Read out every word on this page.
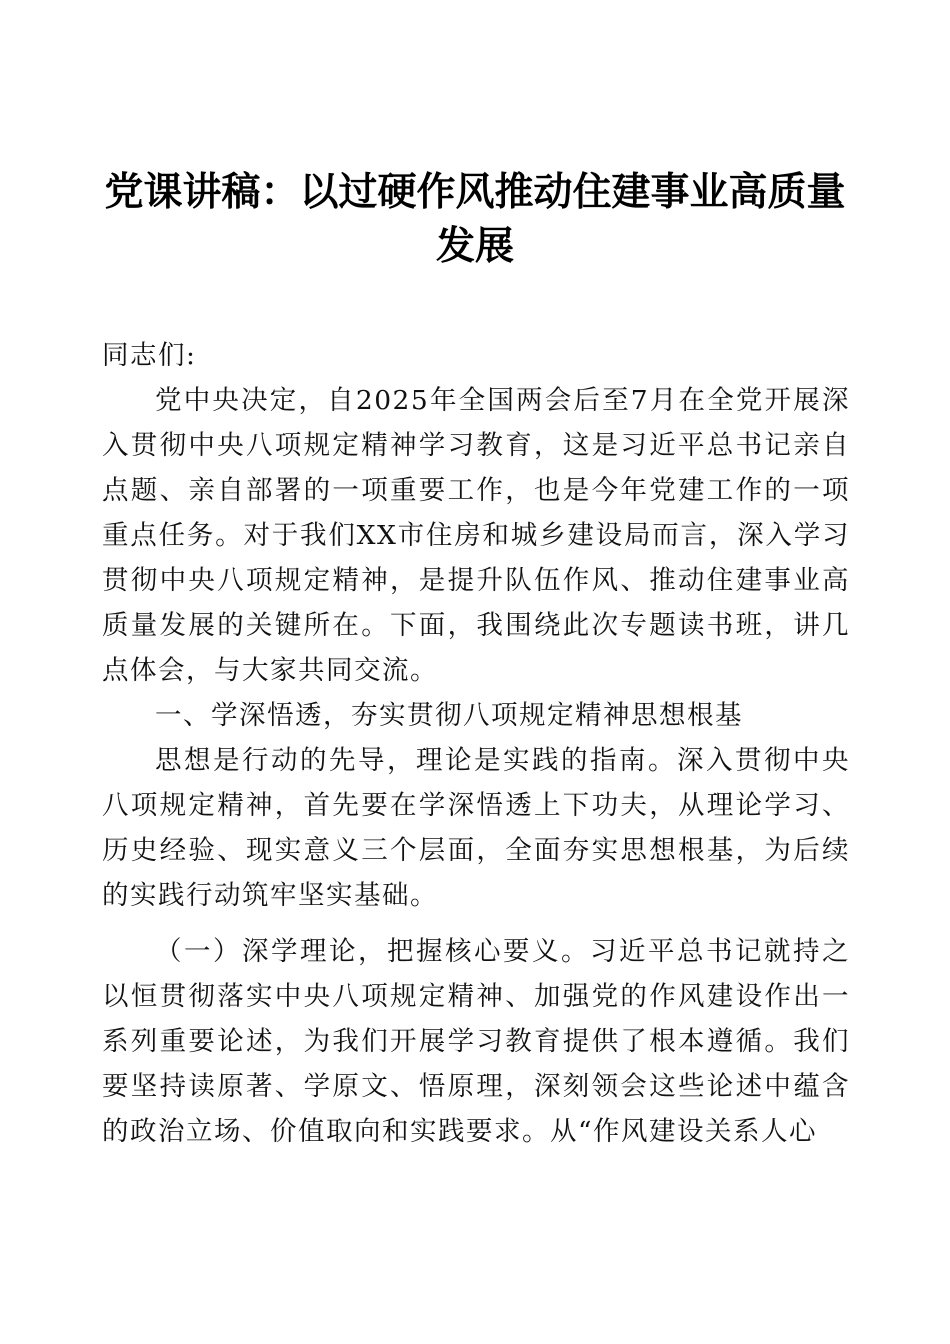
党课讲稿：以过硬作风推动住建事业高质量发展

同志们:

党中央决定，自2025年全国两会后至7月在全党开展深入贯彻中央八项规定精神学习教育，这是习近平总书记亲自点题、亲自部署的一项重要工作，也是今年党建工作的一项重点任务。对于我们XX市住房和城乡建设局而言，深入学习贯彻中央八项规定精神，是提升队伍作风、推动住建事业高质量发展的关键所在。下面，我围绕此次专题读书班，讲几点体会，与大家共同交流。

一、学深悟透，夯实贯彻八项规定精神思想根基

思想是行动的先导，理论是实践的指南。深入贯彻中央八项规定精神，首先要在学深悟透上下功夫，从理论学习、历史经验、现实意义三个层面，全面夯实思想根基，为后续的实践行动筑牢坚实基础。

（一）深学理论，把握核心要义。习近平总书记就持之以恒贯彻落实中央八项规定精神、加强党的作风建设作出一系列重要论述，为我们开展学习教育提供了根本遵循。我们要坚持读原著、学原文、悟原理，深刻领会这些论述中蕴含的政治立场、价值取向和实践要求。从“作风建设关系人心
